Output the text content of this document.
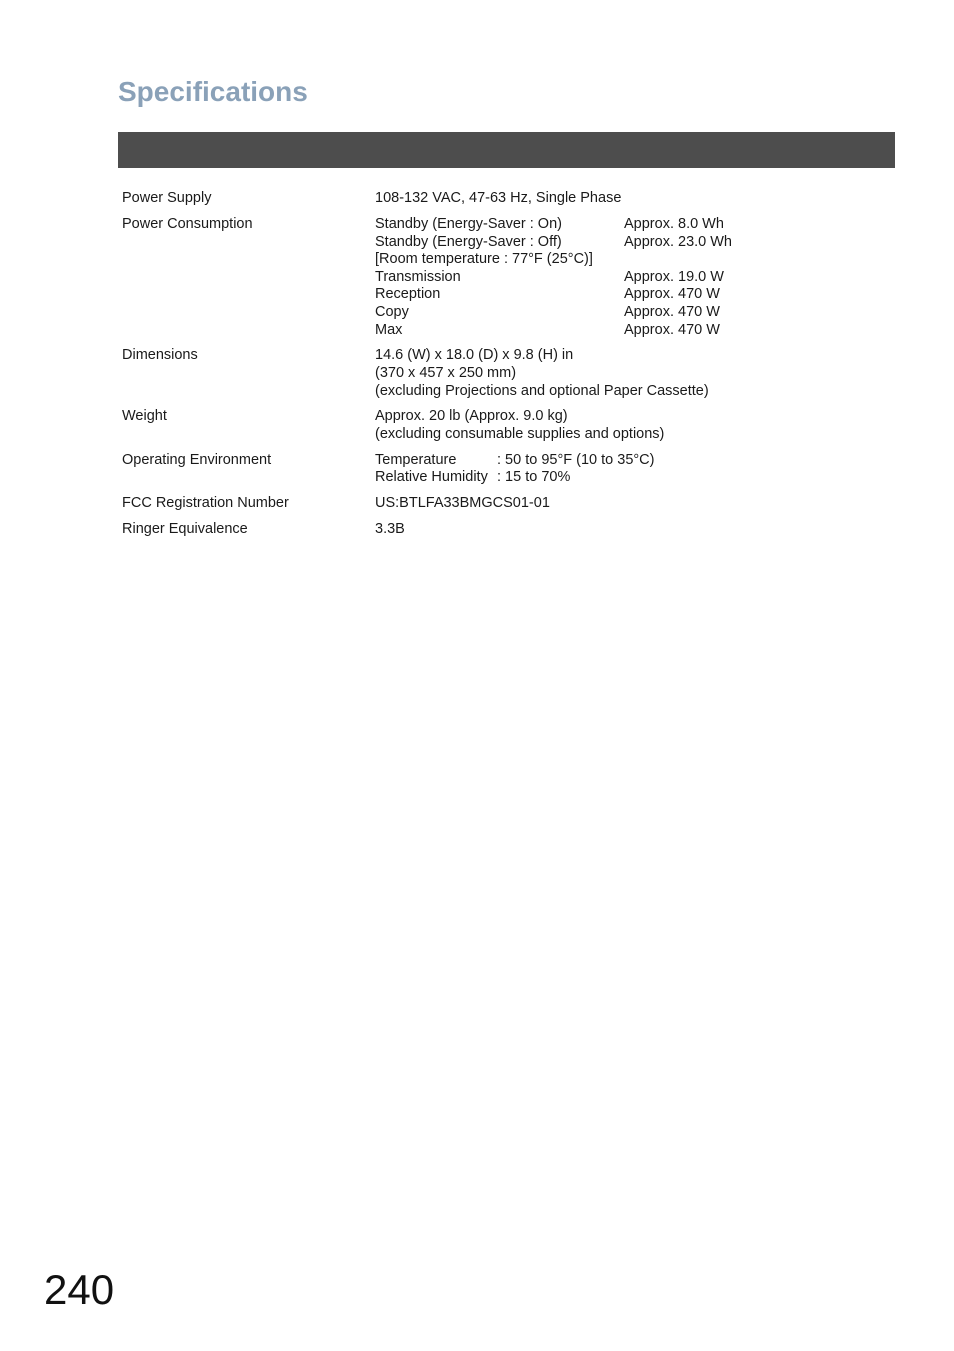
Specifications
Power Supply	108-132 VAC, 47-63 Hz, Single Phase
Power Consumption	Standby (Energy-Saver : On)	Approx. 8.0 Wh
Standby (Energy-Saver : Off)	Approx. 23.0 Wh
[Room temperature : 77°F (25°C)]
Transmission	Approx. 19.0 W
Reception	Approx. 470 W
Copy	Approx. 470 W
Max	Approx. 470 W
Dimensions	14.6 (W) x 18.0 (D) x 9.8 (H) in
(370 x 457 x 250 mm)
(excluding Projections and optional Paper Cassette)
Weight	Approx. 20 lb (Approx. 9.0 kg)
(excluding consumable supplies and options)
Operating Environment	Temperature	: 50 to 95°F (10 to 35°C)
Relative Humidity : 15 to 70%
FCC Registration Number	US:BTLFA33BMGCS01-01
Ringer Equivalence	3.3B
240
